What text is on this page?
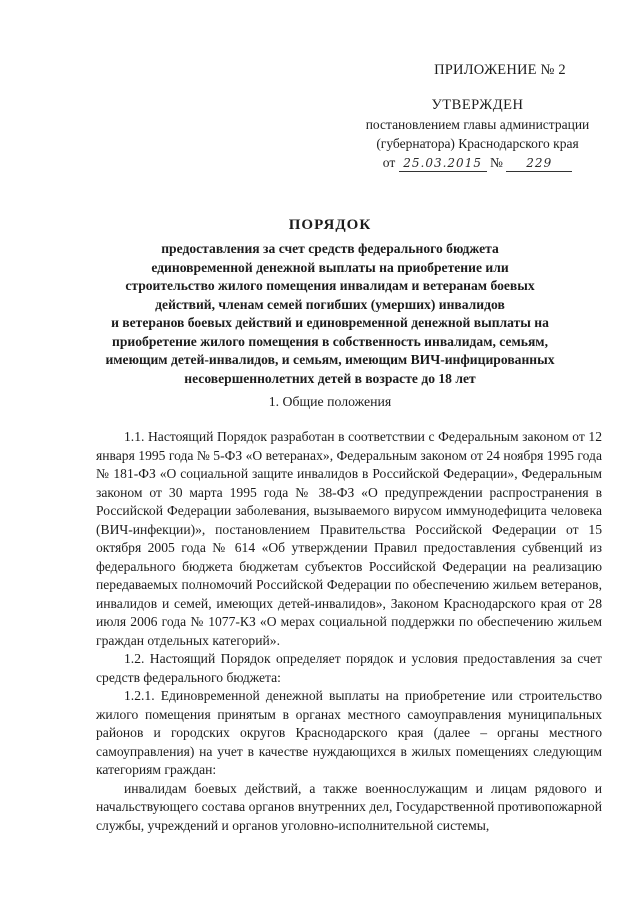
ПРИЛОЖЕНИЕ № 2
УТВЕРЖДЕН
постановлением главы администрации
(губернатора) Краснодарского края
от 25.03.2015 № 229
ПОРЯДОК
предоставления за счет средств федерального бюджета
единовременной денежной выплаты на приобретение или
строительство жилого помещения инвалидам и ветеранам боевых
действий, членам семей погибших (умерших) инвалидов
и ветеранов боевых действий и единовременной денежной выплаты на
приобретение жилого помещения в собственность инвалидам, семьям,
имеющим детей-инвалидов, и семьям, имеющим ВИЧ-инфицированных
несовершеннолетних детей в возрасте до 18 лет
1. Общие положения

1.1. Настоящий Порядок разработан в соответствии с Федеральным законом от 12 января 1995 года № 5-ФЗ «О ветеранах», Федеральным законом от 24 ноября 1995 года № 181-ФЗ «О социальной защите инвалидов в Российской Федерации», Федеральным законом от 30 марта 1995 года № 38-ФЗ «О предупреждении распространения в Российской Федерации заболевания, вызываемого вирусом иммунодефицита человека (ВИЧ-инфекции)», постановлением Правительства Российской Федерации от 15 октября 2005 года № 614 «Об утверждении Правил предоставления субвенций из федерального бюджета бюджетам субъектов Российской Федерации на реализацию передаваемых полномочий Российской Федерации по обеспечению жильем ветеранов, инвалидов и семей, имеющих детей-инвалидов», Законом Краснодарского края от 28 июля 2006 года № 1077-КЗ «О мерах социальной поддержки по обеспечению жильем граждан отдельных категорий».

1.2. Настоящий Порядок определяет порядок и условия предоставления за счет средств федерального бюджета:

1.2.1. Единовременной денежной выплаты на приобретение или строительство жилого помещения принятым в органах местного самоуправления муниципальных районов и городских округов Краснодарского края (далее – органы местного самоуправления) на учет в качестве нуждающихся в жилых помещениях следующим категориям граждан:

инвалидам боевых действий, а также военнослужащим и лицам рядового и начальствующего состава органов внутренних дел, Государственной противопожарной службы, учреждений и органов уголовно-исполнительной системы,
